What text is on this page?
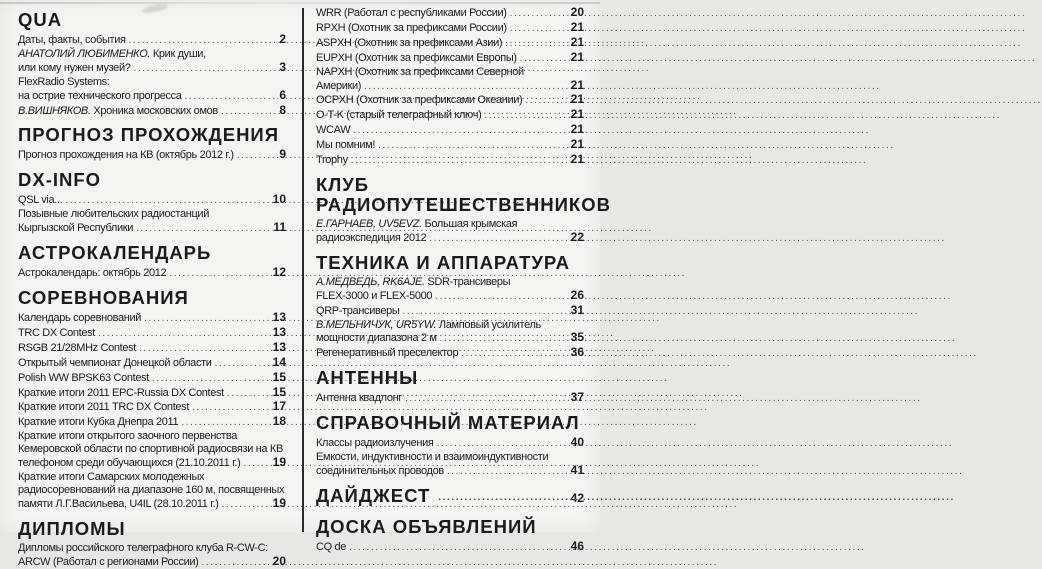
QUA
Даты, факты, события .....	2
АНАТОЛИЙ ЛЮБИМЕНКО. Крик души,
или кому нужен музей? .....	3
FlexRadio Systems:
на острие технического прогресса .....	6
В.ВИШНЯКОВ. Хроника московских омов .....	8
ПРОГНОЗ ПРОХОЖДЕНИЯ
Прогноз прохождения на КВ (октябрь 2012 г.) .....	9
DX-INFO
QSL via... .....	10
Позывные любительских радиостанций
Кыргызской Республики .....	11
АСТРОКАЛЕНДАРЬ
Астрокалендарь: октябрь 2012 .....	12
СОРЕВНОВАНИЯ
Календарь соревнований .....	13
TRC DX Contest .....	13
RSGB 21/28MHz Contest .....	13
Открытый чемпионат Донецкой области .....	14
Polish WW BPSK63 Contest .....	15
Краткие итоги 2011 EPC-Russia DX Contest .....	15
Краткие итоги 2011 TRC DX Contest .....	17
Краткие итоги Кубка Днепра 2011 .....	18
Краткие итоги открытого заочного первенства
Кемеровской области по спортивной радиосвязи на КВ
телефоном среди обучающихся (21.10.2011 г.) .....	19
Краткие итоги Самарских молодежных
радиосоревнований на диапазоне 160 м, посвященных
памяти Л.Г.Васильева, U4IL (28.10.2011 г.) .....	19
ДИПЛОМЫ
Дипломы российского телеграфного клуба R-CW-C:
ARCW (Работал с регионами России) .....	20
WRR (Работал с республиками России) .....	20
RPXH (Охотник за префиксами России) .....	21
ASPXH (Охотник за префиксами Азии) .....	21
EUPXH (Охотник за префиксами Европы) .....	21
NAPXH (Охотник за префиксами Северной
Америки) .....	21
OCPXH (Охотник за префиксами Океании) .....	21
O-T-K (старый телеграфный ключ) .....	21
WCAW .....	21
Мы помним! .....	21
Trophy .....	21
КЛУБ
РАДИОПУТЕШЕСТВЕННИКОВ
Е.ГАРНАЕВ, UV5EVZ. Большая крымская
радиоэкспедиция 2012 .....	22
ТЕХНИКА И АППАРАТУРА
А.МЕДВЕДЬ, RK6AJE. SDR-трансиверы
FLEX-3000 и FLEX-5000 .....	26
QRP-трансиверы .....	31
В.МЕЛЬНИЧУК, UR5YW. Ламповый усилитель
мощности диапазона 2 м .....	35
Регенеративный преселектор .....	36
АНТЕННЫ
Антенна квадлонг .....	37
СПРАВОЧНЫЙ МАТЕРИАЛ
Классы радиоизлучения .....	40
Емкости, индуктивности и взаимоиндуктивности
соединительных проводов .....	41
ДАЙДЖЕСТ .....	42
ДОСКА ОБЪЯВЛЕНИЙ
CQ de .....	46
